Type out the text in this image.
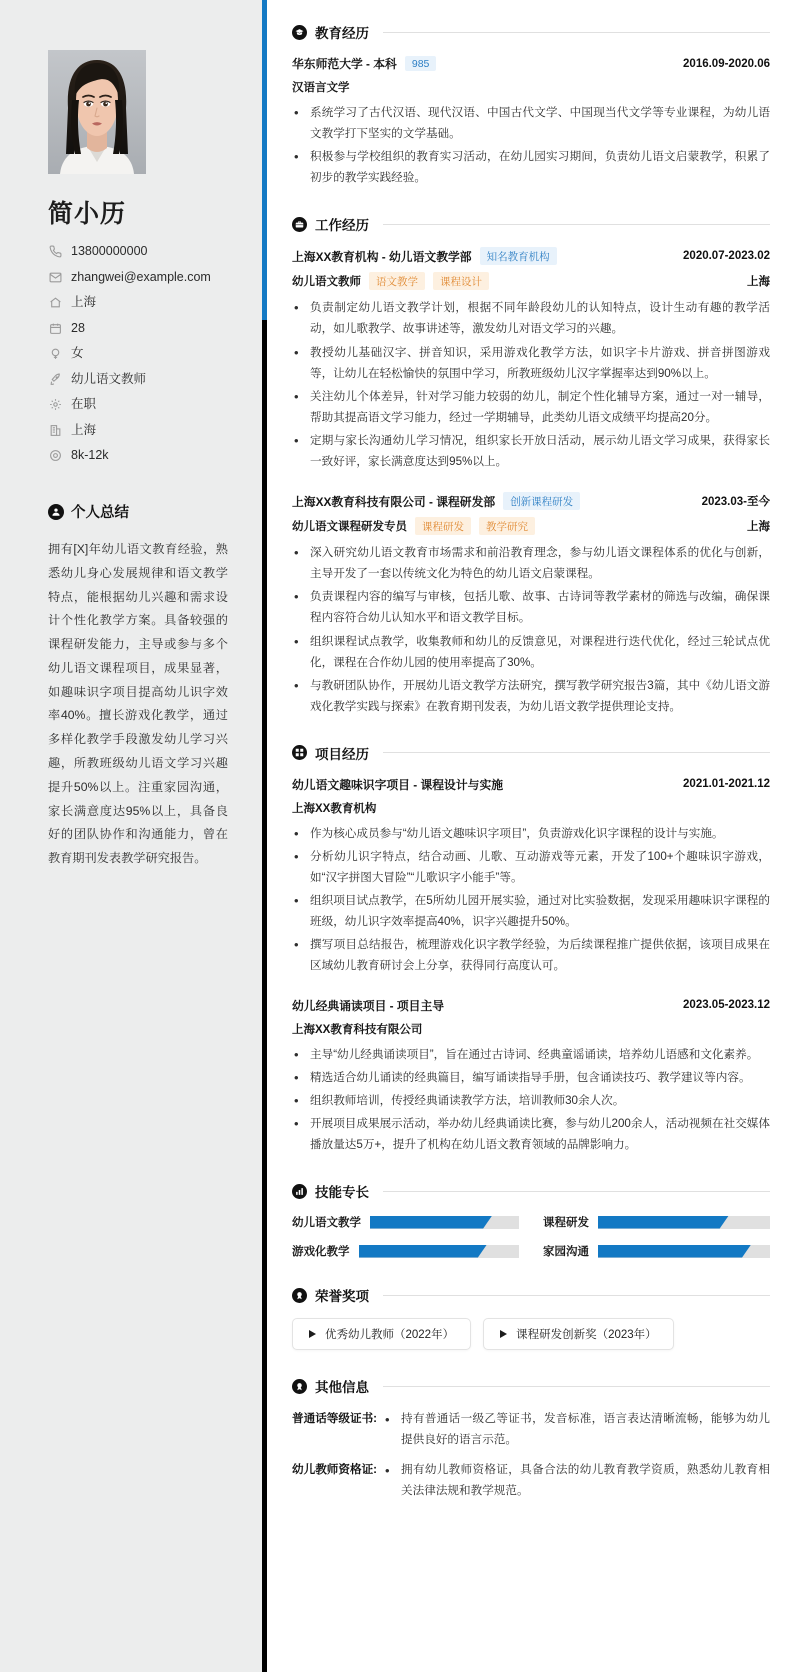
简小历
13800000000
zhangwei@example.com
上海
28
女
幼儿语文教师
在职
上海
8k-12k
个人总结

拥有[X]年幼儿语文教育经验，熟悉幼儿身心发展规律和语文教学特点，能根据幼儿兴趣和需求设计个性化教学方案。具备较强的课程研发能力，主导或参与多个幼儿语文课程项目，成果显著，如趣味识字项目提高幼儿识字效率40%。擅长游戏化教学，通过多样化教学手段激发幼儿学习兴趣，所教班级幼儿语文学习兴趣提升50%以上。注重家园沟通，家长满意度达95%以上，具备良好的团队协作和沟通能力，曾在教育期刊发表教学研究报告。

教育经历
华东师范大学 - 本科	985	2016.09-2020.06
汉语言文学
• 系统学习了古代汉语、现代汉语、中国古代文学、中国现当代文学等专业课程，为幼儿语文教学打下坚实的文学基础。
• 积极参与学校组织的教育实习活动，在幼儿园实习期间，负责幼儿语文启蒙教学，积累了初步的教学实践经验。
工作经历
上海XX教育机构 - 幼儿语文教学部	知名教育机构	2020.07-2023.02
幼儿语文教师	语文教学	课程设计	上海
• 负责制定幼儿语文教学计划，根据不同年龄段幼儿的认知特点，设计生动有趣的教学活动，如儿歌教学、故事讲述等，激发幼儿对语文学习的兴趣。
• 教授幼儿基础汉字、拼音知识，采用游戏化教学方法，如识字卡片游戏、拼音拼图游戏等，让幼儿在轻松愉快的氛围中学习，所教班级幼儿汉字掌握率达到90%以上。
• 关注幼儿个体差异，针对学习能力较弱的幼儿，制定个性化辅导方案，通过一对一辅导，帮助其提高语文学习能力，经过一学期辅导，此类幼儿语文成绩平均提高20分。
• 定期与家长沟通幼儿学习情况，组织家长开放日活动，展示幼儿语文学习成果，获得家长一致好评，家长满意度达到95%以上。
上海XX教育科技有限公司 - 课程研发部	创新课程研发	2023.03-至今
幼儿语文课程研发专员	课程研发	教学研究	上海
• 深入研究幼儿语文教育市场需求和前沿教育理念，参与幼儿语文课程体系的优化与创新，主导开发了一套以传统文化为特色的幼儿语文启蒙课程。
• 负责课程内容的编写与审核，包括儿歌、故事、古诗词等教学素材的筛选与改编，确保课程内容符合幼儿认知水平和语文教学目标。
• 组织课程试点教学，收集教师和幼儿的反馈意见，对课程进行迭代优化，经过三轮试点优化，课程在合作幼儿园的使用率提高了30%。
• 与教研团队协作，开展幼儿语文教学方法研究，撰写教学研究报告3篇，其中《幼儿语文游戏化教学实践与探索》在教育期刊发表，为幼儿语文教学提供理论支持。
项目经历
幼儿语文趣味识字项目 - 课程设计与实施	2021.01-2021.12
上海XX教育机构
• 作为核心成员参与“幼儿语文趣味识字项目”，负责游戏化识字课程的设计与实施。
• 分析幼儿识字特点，结合动画、儿歌、互动游戏等元素，开发了100+个趣味识字游戏，如“汉字拼图大冒险”“儿歌识字小能手”等。
• 组织项目试点教学，在5所幼儿园开展实验，通过对比实验数据，发现采用趣味识字课程的班级，幼儿识字效率提高40%，识字兴趣提升50%。
• 撰写项目总结报告，梳理游戏化识字教学经验，为后续课程推广提供依据，该项目成果在区域幼儿教育研讨会上分享，获得同行高度认可。
幼儿经典诵读项目 - 项目主导	2023.05-2023.12
上海XX教育科技有限公司
• 主导“幼儿经典诵读项目”，旨在通过古诗词、经典童谣诵读，培养幼儿语感和文化素养。
• 精选适合幼儿诵读的经典篇目，编写诵读指导手册，包含诵读技巧、教学建议等内容。
• 组织教师培训，传授经典诵读教学方法，培训教师30余人次。
• 开展项目成果展示活动，举办幼儿经典诵读比赛，参与幼儿200余人，活动视频在社交媒体播放量达5万+，提升了机构在幼儿语文教育领域的品牌影响力。
技能专长
幼儿语文教学	课程研发
游戏化教学	家园沟通
荣誉奖项
优秀幼儿教师（2022年）	课程研发创新奖（2023年）
其他信息
普通话等级证书:	• 持有普通话一级乙等证书，发音标准，语言表达清晰流畅，能够为幼儿提供良好的语言示范。
幼儿教师资格证:	• 拥有幼儿教师资格证，具备合法的幼儿教育教学资质，熟悉幼儿教育相关法律法规和教学规范。
